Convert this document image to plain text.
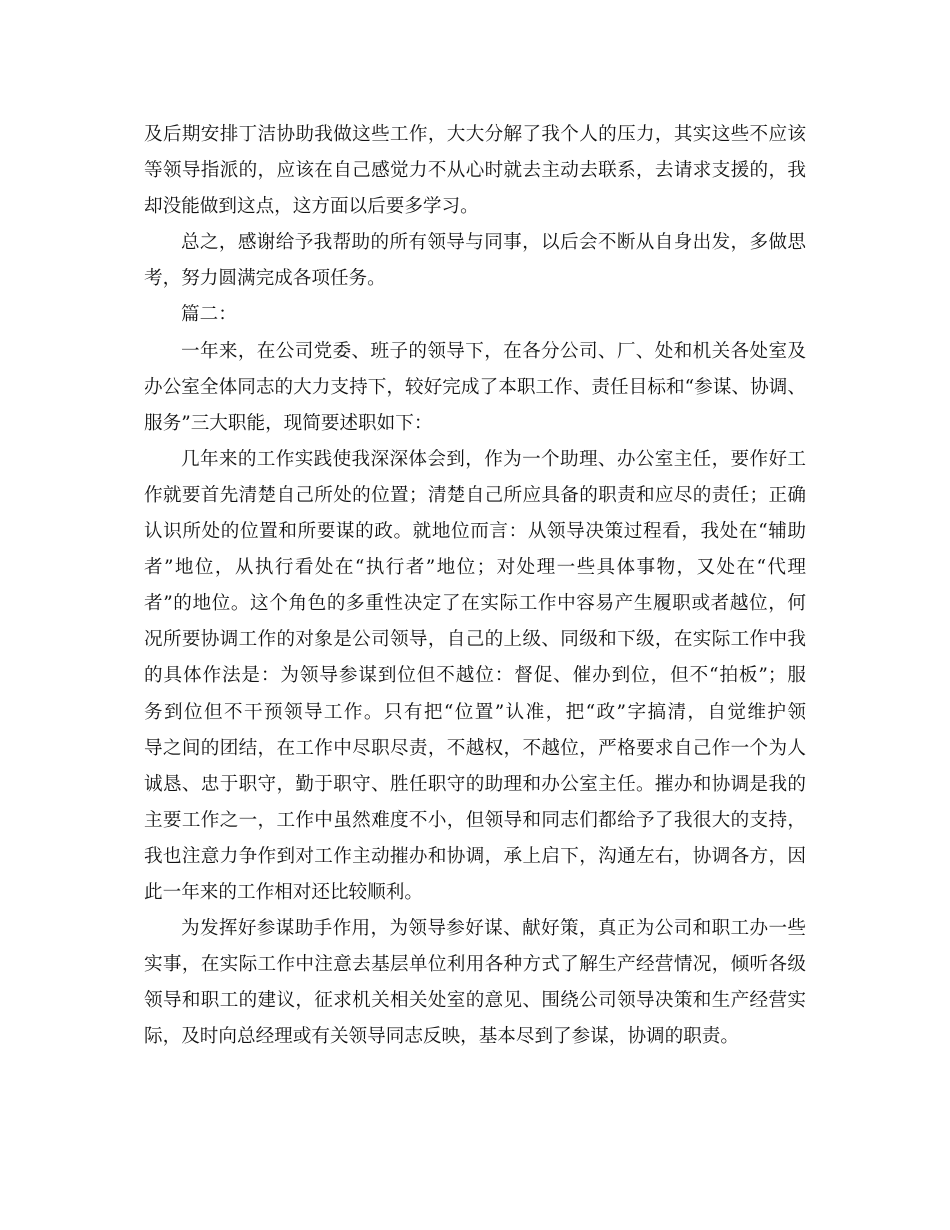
及后期安排丁洁协助我做这些工作，大大分解了我个人的压力，其实这些不应该
等领导指派的，应该在自己感觉力不从心时就去主动去联系，去请求支援的，我
却没能做到这点，这方面以后要多学习。
总之，感谢给予我帮助的所有领导与同事，以后会不断从自身出发，多做思
考，努力圆满完成各项任务。
篇二：
一年来，在公司党委、班子的领导下，在各分公司、厂、处和机关各处室及
办公室全体同志的大力支持下，较好完成了本职工作、责任目标和“参谋、协调、
服务”三大职能，现简要述职如下：
几年来的工作实践使我深深体会到，作为一个助理、办公室主任，要作好工
作就要首先清楚自己所处的位置；清楚自己所应具备的职责和应尽的责任；正确
认识所处的位置和所要谋的政。就地位而言：从领导决策过程看，我处在“辅助
者”地位，从执行看处在“执行者”地位；对处理一些具体事物，又处在“代理
者”的地位。这个角色的多重性决定了在实际工作中容易产生履职或者越位，何
况所要协调工作的对象是公司领导，自己的上级、同级和下级，在实际工作中我
的具体作法是：为领导参谋到位但不越位：督促、催办到位，但不“拍板”；服
务到位但不干预领导工作。只有把“位置”认准，把“政”字搞清，自觉维护领
导之间的团结，在工作中尽职尽责，不越权，不越位，严格要求自己作一个为人
诚恳、忠于职守，勤于职守、胜任职守的助理和办公室主任。摧办和协调是我的
主要工作之一，工作中虽然难度不小，但领导和同志们都给予了我很大的支持，
我也注意力争作到对工作主动摧办和协调，承上启下，沟通左右，协调各方，因
此一年来的工作相对还比较顺利。
为发挥好参谋助手作用，为领导参好谋、献好策，真正为公司和职工办一些
实事，在实际工作中注意去基层单位利用各种方式了解生产经营情况，倾听各级
领导和职工的建议，征求机关相关处室的意见、围绕公司领导决策和生产经营实
际，及时向总经理或有关领导同志反映，基本尽到了参谋，协调的职责。
